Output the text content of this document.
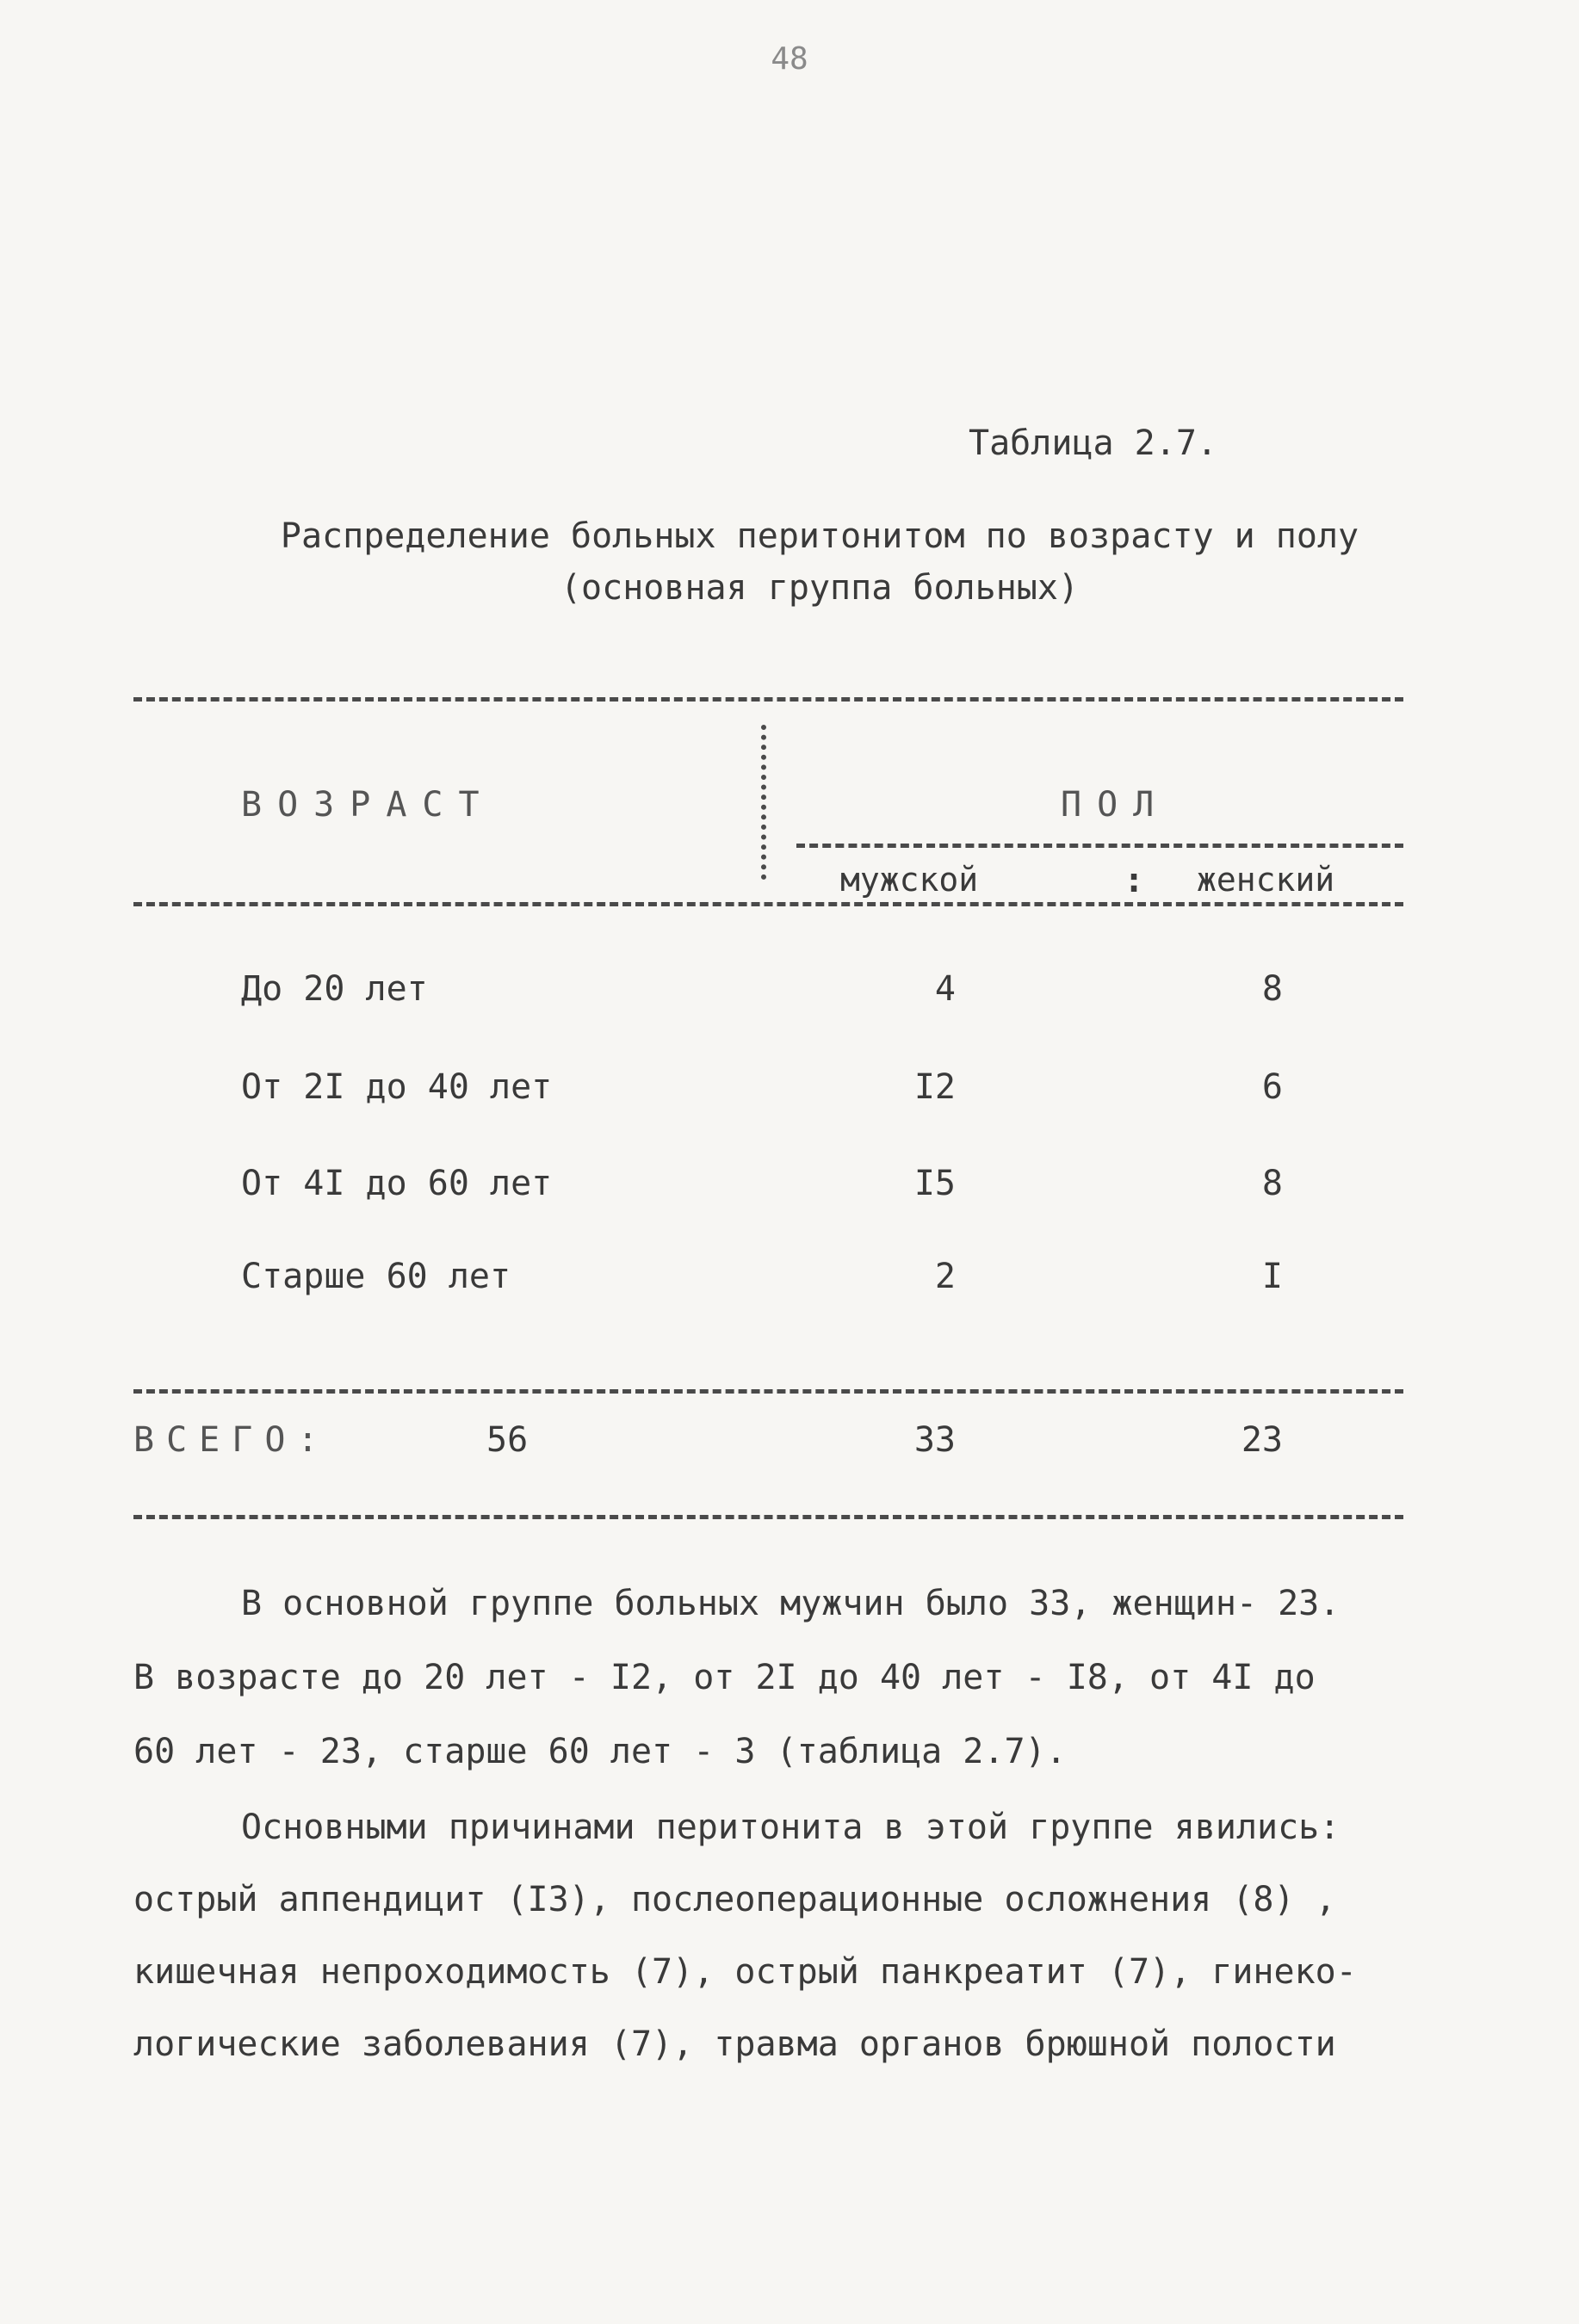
48
Таблица 2.7.
Распределение больных перитонитом по возрасту и полу
(основная группа больных)
ВОЗРАСТ	ПОЛ
мужской	: женский
До 20 лет	4	8
От 2I до 40 лет	I2	6
От 4I до 60 лет	I5	8
Старше 60 лет	2	I
ВСЕГО:	56	33	23
В основной группе больных мужчин было 33, женщин- 23.
В возрасте до 20 лет - I2, от 2I до 40 лет - I8, от 4I до
60 лет - 23, старше 60 лет - 3 (таблица 2.7).
Основными причинами перитонита в этой группе явились:
острый аппендицит (I3), послеоперационные осложнения (8) ,
кишечная непроходимость (7), острый панкреатит (7), гинеко-
логические заболевания (7), травма органов брюшной полости
